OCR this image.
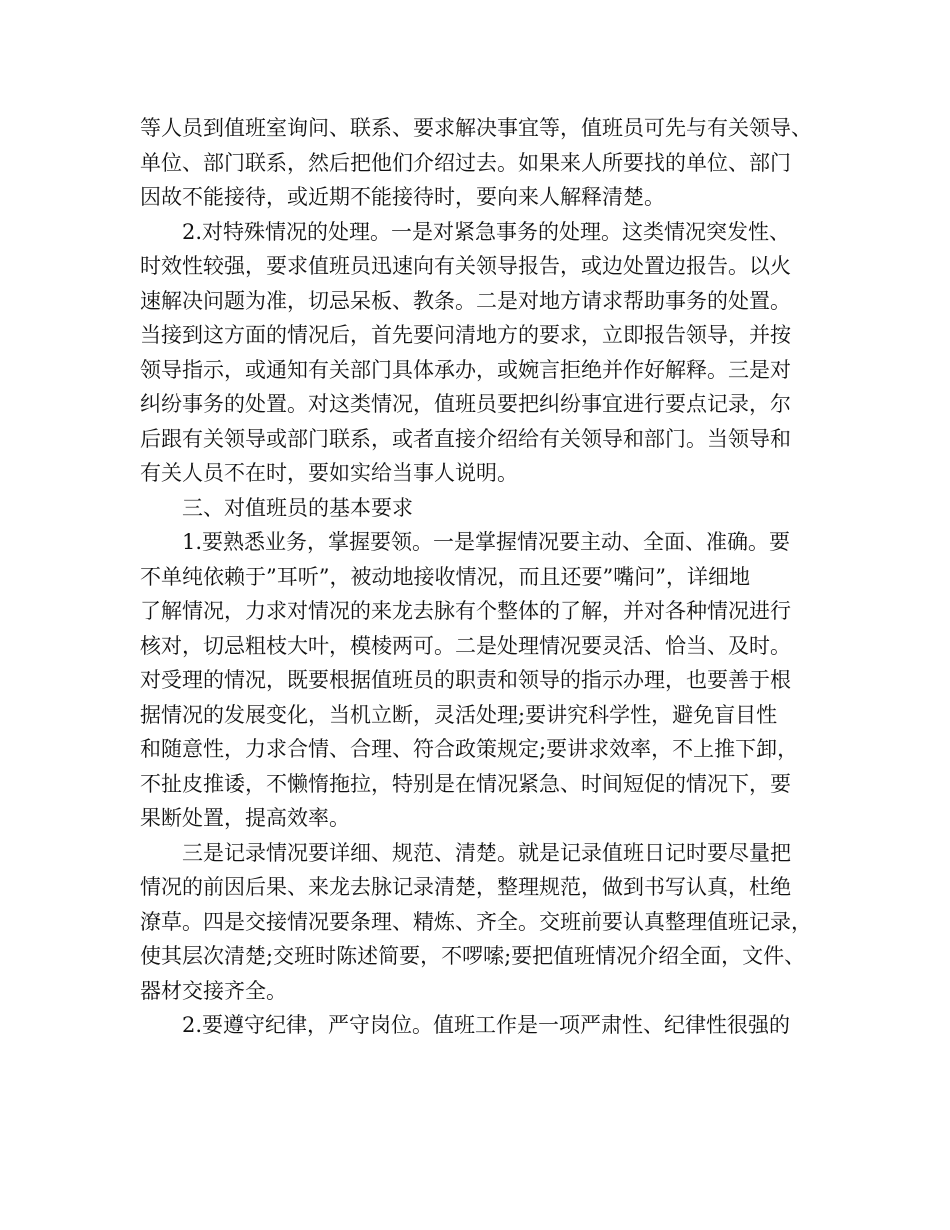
等人员到值班室询问、联系、要求解决事宜等，值班员可先与有关领导、
单位、部门联系，然后把他们介绍过去。如果来人所要找的单位、部门
因故不能接待，或近期不能接待时，要向来人解释清楚。
2.对特殊情况的处理。一是对紧急事务的处理。这类情况突发性、
时效性较强，要求值班员迅速向有关领导报告，或边处置边报告。以火
速解决问题为准，切忌呆板、教条。二是对地方请求帮助事务的处置。
当接到这方面的情况后，首先要问清地方的要求，立即报告领导，并按
领导指示，或通知有关部门具体承办，或婉言拒绝并作好解释。三是对
纠纷事务的处置。对这类情况，值班员要把纠纷事宜进行要点记录，尔
后跟有关领导或部门联系，或者直接介绍给有关领导和部门。当领导和
有关人员不在时，要如实给当事人说明。
三、对值班员的基本要求
1.要熟悉业务，掌握要领。一是掌握情况要主动、全面、准确。要
不单纯依赖于”耳听”，被动地接收情况，而且还要”嘴问”，详细地
了解情况，力求对情况的来龙去脉有个整体的了解，并对各种情况进行
核对，切忌粗枝大叶，模棱两可。二是处理情况要灵活、恰当、及时。
对受理的情况，既要根据值班员的职责和领导的指示办理，也要善于根
据情况的发展变化，当机立断，灵活处理;要讲究科学性，避免盲目性
和随意性，力求合情、合理、符合政策规定;要讲求效率，不上推下卸，
不扯皮推诿，不懒惰拖拉，特别是在情况紧急、时间短促的情况下，要
果断处置，提高效率。
三是记录情况要详细、规范、清楚。就是记录值班日记时要尽量把
情况的前因后果、来龙去脉记录清楚，整理规范，做到书写认真，杜绝
潦草。四是交接情况要条理、精炼、齐全。交班前要认真整理值班记录，
使其层次清楚;交班时陈述简要，不啰嗦;要把值班情况介绍全面，文件、
器材交接齐全。
2.要遵守纪律，严守岗位。值班工作是一项严肃性、纪律性很强的
